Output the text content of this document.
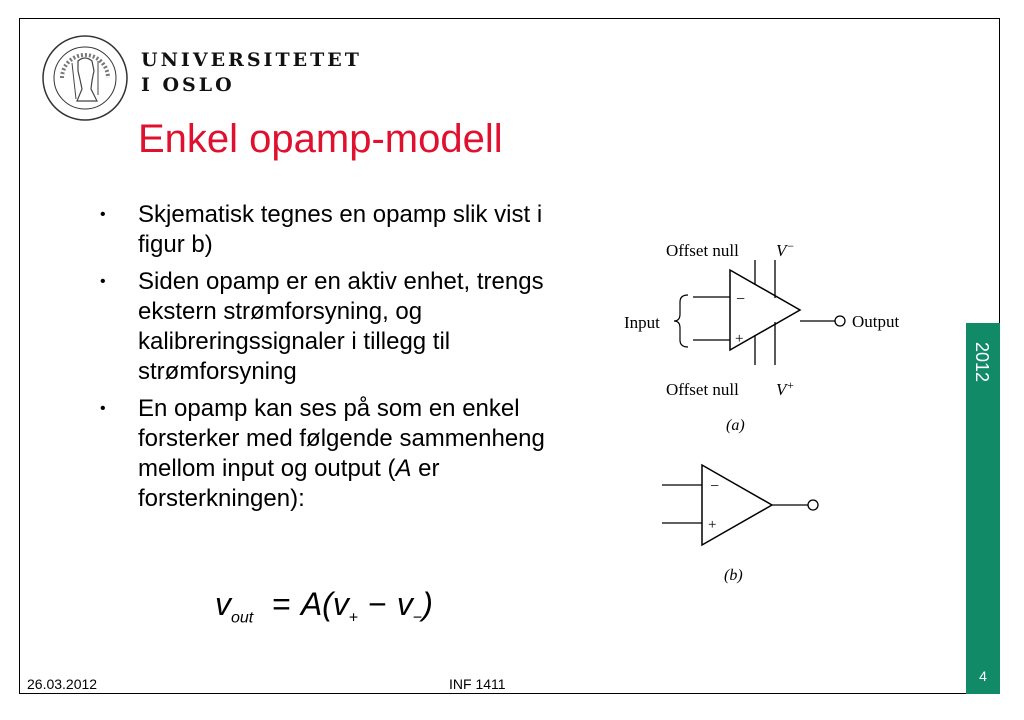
UNIVERSITETET
I OSLO
Enkel opamp-modell
• Skjematisk tegnes en opamp slik vist i figur b)
• Siden opamp er en aktiv enhet, trengs ekstern strømforsyning, og kalibreringssignaler i tillegg til strømforsyning
• En opamp kan ses på som en enkel forsterker med følgende sammenheng mellom input og output (A er forsterkningen):
$v_{out} = A(v_+ - v_-)$
Offset null V−
−
+
Input	Output
Offset null V+
(a)
−
+
(b)
2012
4
26.03.2012	INF 1411
